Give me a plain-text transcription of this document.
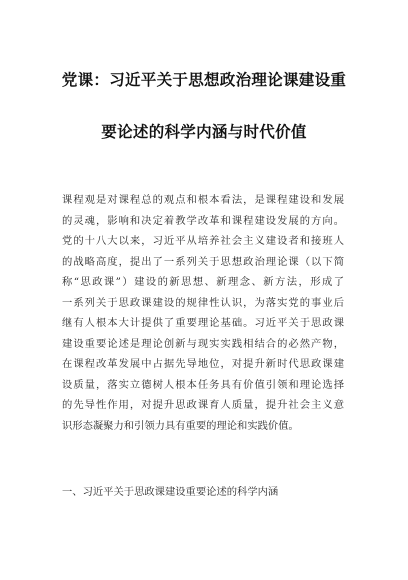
党课：习近平关于思想政治理论课建设重
要论述的科学内涵与时代价值
课程观是对课程总的观点和根本看法，是课程建设和发展
的灵魂，影响和决定着教学改革和课程建设发展的方向。
党的十八大以来，习近平从培养社会主义建设者和接班人
的战略高度，提出了一系列关于思想政治理论课（以下简
称“思政课”）建设的新思想、新理念、新方法，形成了
一系列关于思政课建设的规律性认识，为落实党的事业后
继有人根本大计提供了重要理论基础。习近平关于思政课
建设重要论述是理论创新与现实实践相结合的必然产物，
在课程改革发展中占据先导地位，对提升新时代思政课建
设质量，落实立德树人根本任务具有价值引领和理论选择
的先导性作用，对提升思政课育人质量，提升社会主义意
识形态凝聚力和引领力具有重要的理论和实践价值。
一、习近平关于思政课建设重要论述的科学内涵
